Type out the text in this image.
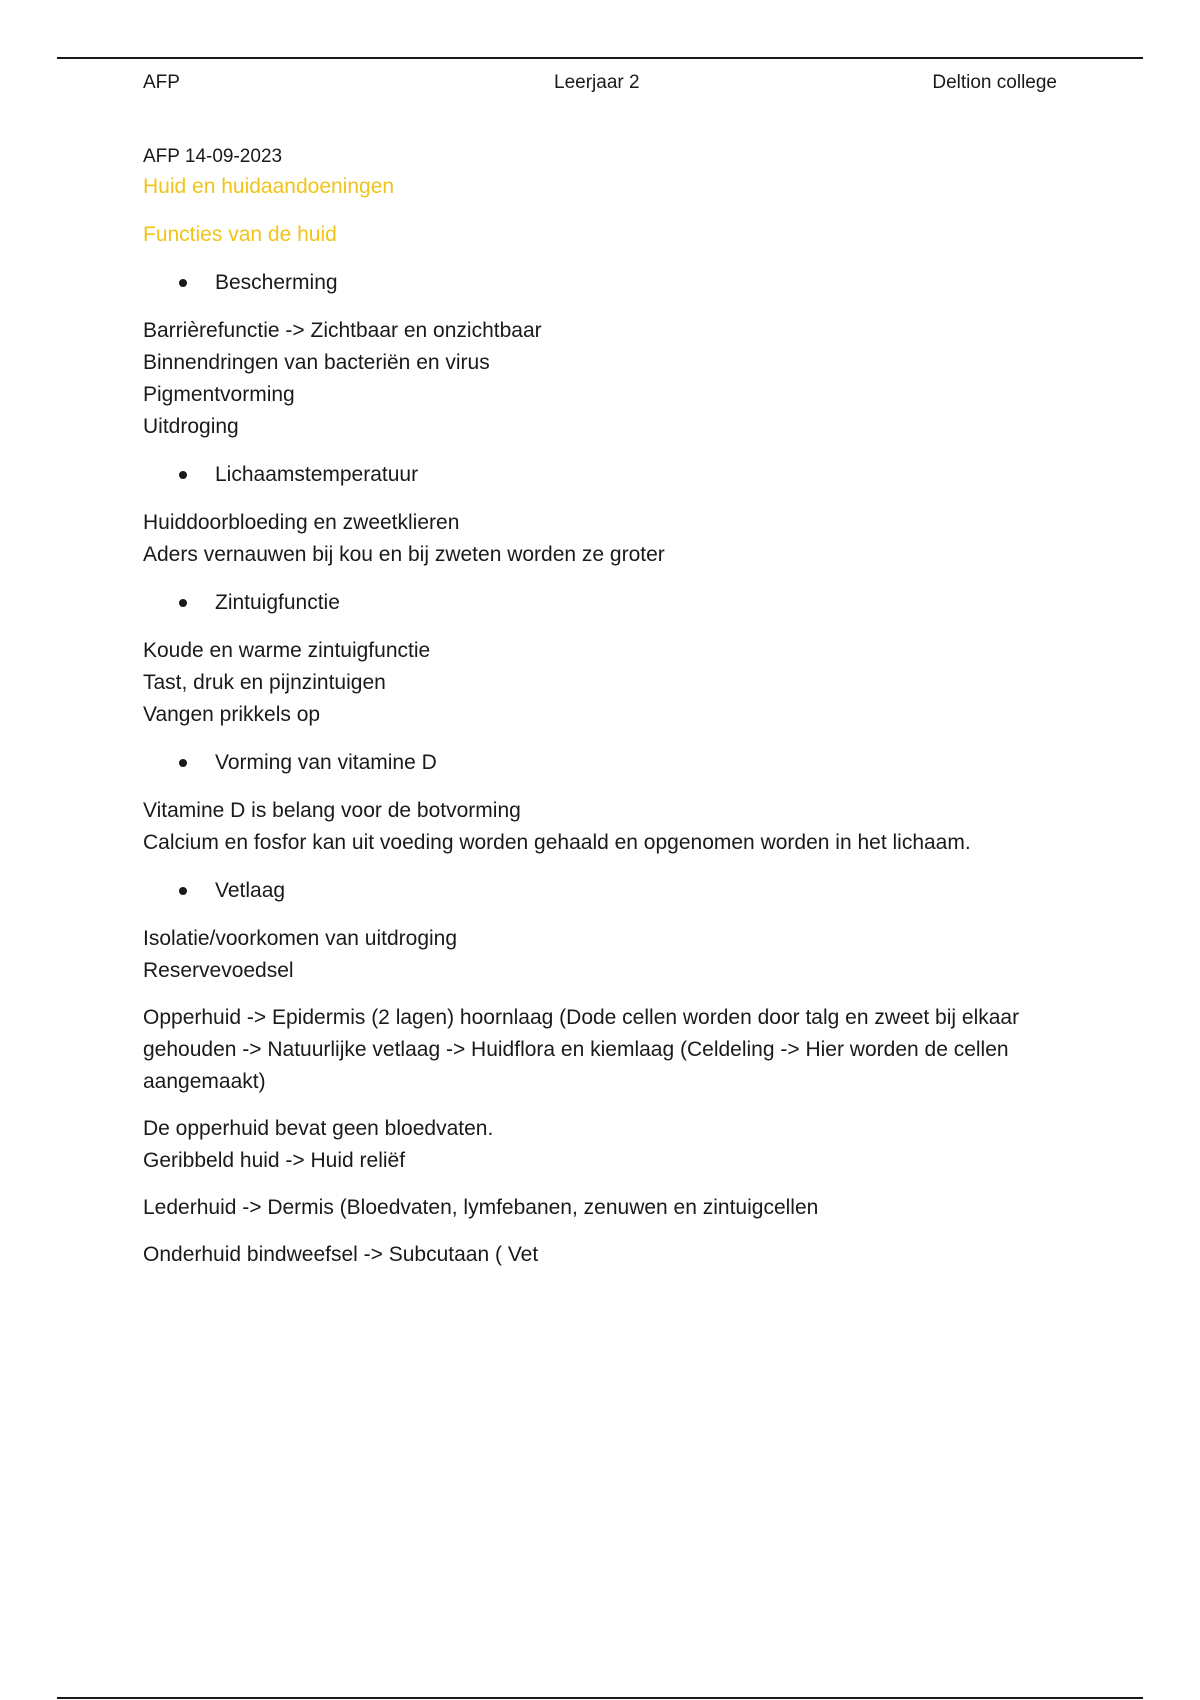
AFP	Leerjaar 2	Deltion college
AFP 14-09-2023
Huid en huidaandoeningen
Functies van de huid
Bescherming
Barrièrefunctie -> Zichtbaar en onzichtbaar
Binnendringen van bacteriën en virus
Pigmentvorming
Uitdroging
Lichaamstemperatuur
Huiddoorbloeding en zweetklieren
Aders vernauwen bij kou en bij zweten worden ze groter
Zintuigfunctie
Koude en warme zintuigfunctie
Tast, druk en pijnzintuigen
Vangen prikkels op
Vorming van vitamine D
Vitamine D is belang voor de botvorming
Calcium en fosfor kan uit voeding worden gehaald en opgenomen worden in het lichaam.
Vetlaag
Isolatie/voorkomen van uitdroging
Reservevoedsel
Opperhuid -> Epidermis (2 lagen) hoornlaag (Dode cellen worden door talg en zweet bij elkaar gehouden -> Natuurlijke vetlaag -> Huidflora en kiemlaag (Celdeling -> Hier worden de cellen aangemaakt)
De opperhuid bevat geen bloedvaten.
Geribbeld huid -> Huid reliëf
Lederhuid -> Dermis (Bloedvaten, lymfebanen, zenuwen en zintuigcellen
Onderhuid bindweefsel -> Subcutaan ( Vet
